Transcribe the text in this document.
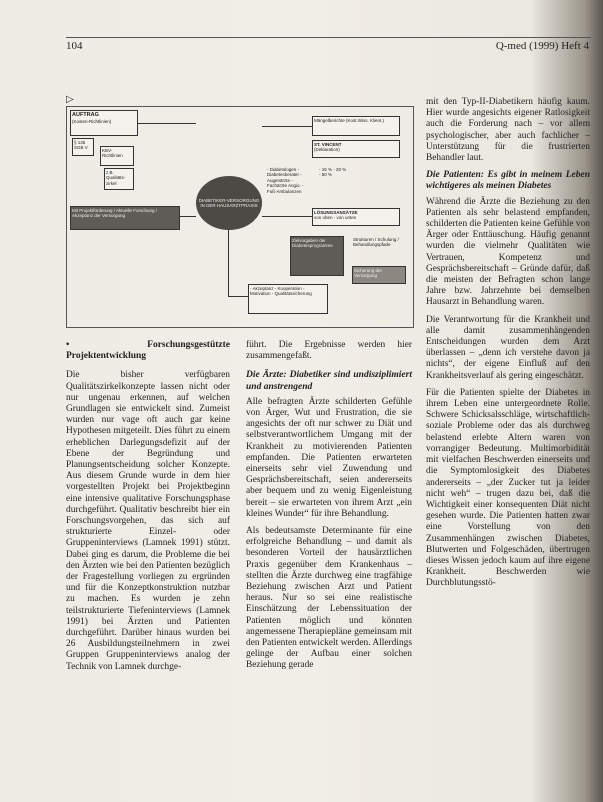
104	Q-med (1999) Heft 4
▷
AUFTRAG
(Kosten-Richtlinien)
§ 135 SGB V
KBV-Richtlinien
z.B. Qualitäts-zirkel
DIABETIKER-VERSORGUNG IN DER HAUSARZTPRAXIS
Mängelberichte (Kost.Wiss. Klient.)
ST. VINCENT
(Deklaration)
- Diabetologen - Diabetesberater - Augenärzte - Fachärzte Angio. - Fuß-Ambulanzen
- 15 % - 20 % - 50 %
Mit Projektförderung / Aktuelle Forschung / Akzeptanz der Versorgung
LÖSUNGSANSÄTZE
von oben - von unten
Zielvorgaben der Diabetesprogramme
Strukturen / Schulung / Behandlungspfade
Sicherung der Versorgung
- Akzeptanz - Kooperation - Motivation - Qualitätssicherung
• Forschungsgestützte Projektentwicklung

Die bisher verfügbaren Qualitätszirkelkonzepte lassen nicht oder nur ungenau erkennen, auf welchen Grundlagen sie entwickelt sind. Zumeist wurden nur vage oft auch gar keine Hypothesen mitgeteilt. Dies führt zu einem erheblichen Darlegungsdefizit auf der Ebene der Begründung und Planungsentscheidung solcher Konzepte. Aus diesem Grunde wurde in dem hier vorgestellten Projekt bei Projektbeginn eine intensive qualitative Forschungsphase durchgeführt. Qualitativ beschreibt hier ein Forschungsvorgehen, das sich auf strukturierte Einzel- oder Gruppeninterviews (Lamnek 1991) stützt. Dabei ging es darum, die Probleme die bei den Ärzten wie bei den Patienten bezüglich der Fragestellung vorliegen zu ergründen und für die Konzeptkonstruktion nutzbar zu machen. Es wurden je zehn teilstrukturierte Tiefeninterviews (Lamnek 1991) bei Ärzten und Patienten durchgeführt. Darüber hinaus wurden bei 26 Ausbildungsteilnehmern in zwei Gruppen Gruppeninterviews analog der Technik von Lamnek durchge-

führt. Die Ergebnisse werden hier zusammengefaßt.

Die Ärzte: Diabetiker sind undisziplimiert und anstrengend

Alle befragten Ärzte schilderten Gefühle von Ärger, Wut und Frustration, die sie angesichts der oft nur schwer zu Diät und selbstverantwortlichem Umgang mit der Krankheit zu motivierenden Patienten empfanden. Die Patienten erwarteten einerseits sehr viel Zuwendung und Gesprächsbereitschaft, seien andererseits aber bequem und zu wenig Eigenleistung bereit – sie erwarteten von ihrem Arzt „ein kleines Wunder“ für ihre Behandlung.

Als bedeutsamste Determinante für eine erfolgreiche Behandlung – und damit als besonderen Vorteil der hausärztlichen Praxis gegenüber dem Krankenhaus – stellten die Ärzte durchweg eine tragfähige Beziehung zwischen Arzt und Patient heraus. Nur so sei eine realistische Einschätzung der Lebenssituation der Patienten möglich und könnten angemessene Therapiepläne gemeinsam mit den Patienten entwickelt werden. Allerdings gelinge der Aufbau einer solchen Beziehung gerade

mit den Typ-II-Diabetikern häufig kaum. Hier wurde angesichts eigener Ratlosigkeit auch die Forderung nach – vor allem psychologischer, aber auch fachlicher – Unterstützung für die frustrierten Behandler laut.

Die Patienten: Es gibt in meinem Leben wichtigeres als meinen Diabetes

Während die Ärzte die Beziehung zu den Patienten als sehr belastend empfanden, schilderten die Patienten keine Gefühle von Ärger oder Enttäuschung. Häufig genannt wurden die vielmehr Qualitäten wie Vertrauen, Kompetenz und Gesprächsbereitschaft – Gründe dafür, daß die meisten der Befragten schon lange Jahre bzw. Jahrzehnte bei demselben Hausarzt in Behandlung waren.

Die Verantwortung für die Krankheit und alle damit zusammenhängenden Entscheidungen wurden dem Arzt überlassen – „denn ich verstehe davon ja nichts“, der eigene Einfluß auf den Krankheitsverlauf als gering eingeschätzt.

Für die Patienten spielte der Diabetes in ihrem Leben eine untergeordnete Rolle. Schwere Schicksalsschläge, wirtschaftlich-soziale Probleme oder das als durchweg belastend erlebte Altern waren von vorrangiger Bedeutung. Multimorbidität mit vielfachen Beschwerden einerseits und die Symptomlosigkeit des Diabetes andererseits – „der Zucker tut ja leider nicht weh“ – trugen dazu bei, daß die Wichtigkeit einer konsequenten Diät nicht gesehen wurde. Die Patienten hatten zwar eine Vorstellung von den Zusammenhängen zwischen Diabetes, Blutwerten und Folgeschäden, übertrugen dieses Wissen jedoch kaum auf ihre eigene Krankheit. Beschwerden wie Durchblutungsstö-
